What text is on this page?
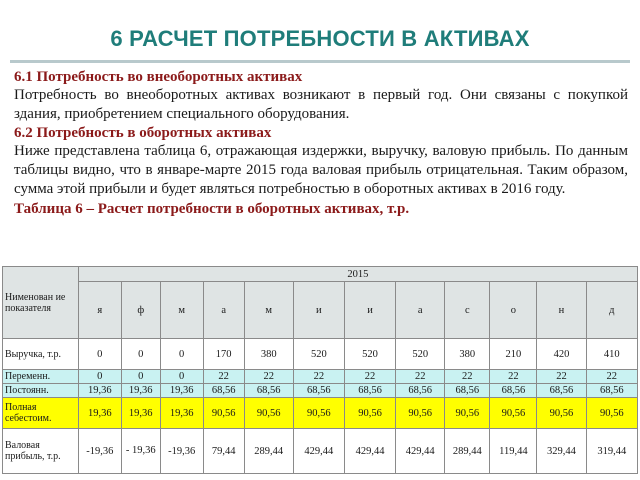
6 РАСЧЕТ ПОТРЕБНОСТИ В АКТИВАХ
6.1 Потребность во внеоборотных активах
Потребность во внеоборотных активах возникают в первый год. Они связаны с покупкой здания, приобретением специального оборудования.
6.2 Потребность в оборотных активах
Ниже представлена таблица 6, отражающая издержки, выручку, валовую прибыль. По данным таблицы видно, что в январе-марте 2015 года валовая прибыль отрицательная. Таким образом, сумма этой прибыли и будет являться потребностью в оборотных активах в 2016 году.
Таблица 6 – Расчет потребности в оборотных активах, т.р.
Нименован ие показателя	2015											
	я	ф	м	а	м	и	и	а	с	о	н	д
Выручка, т.р.	0	0	0	170	380	520	520	520	380	210	420	410
Переменн.	0	0	0	22	22	22	22	22	22	22	22	22
Постоянн.	19,36	19,36	19,36	68,56	68,56	68,56	68,56	68,56	68,56	68,56	68,56	68,56
Полная себестоим.	19,36	19,36	19,36	90,56	90,56	90,56	90,56	90,56	90,56	90,56	90,56	90,56
Валовая прибыль, т.р.	-19,36	- 19,36	-19,36	79,44	289,44	429,44	429,44	429,44	289,44	119,44	329,44	319,44
